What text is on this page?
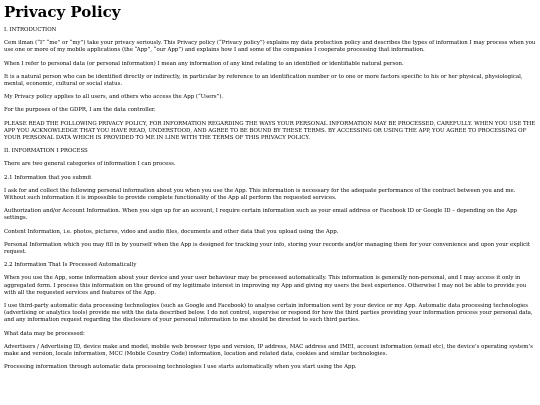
Privacy Policy
I. INTRODUCTION
Cem ilman (“I” “me” or “my”) take your privacy seriously. This Privacy policy (“Privacy policy”) explains my data protection policy and describes the types of information I may process when you use one or more of my mobile applications (the “App”, “our App”) and explains how I and some of the companies I cooperate processing that information.
When I refer to personal data (or personal information) I mean any information of any kind relating to an identified or identifiable natural person.
It is a natural person who can be identified directly or indirectly, in particular by reference to an identification number or to one or more factors specific to his or her physical, physiological, mental, economic, cultural or social status.
My Privacy policy applies to all users, and others who access the App (“Users”).
For the purposes of the GDPR, I am the data controller.
PLEASE READ THE FOLLOWING PRIVACY POLICY, FOR INFORMATION REGARDING THE WAYS YOUR PERSONAL INFORMATION MAY BE PROCESSED, CAREFULLY. WHEN YOU USE THE APP YOU ACKNOWLEDGE THAT YOU HAVE READ, UNDERSTOOD, AND AGREE TO BE BOUND BY THESE TERMS. BY ACCESSING OR USING THE APP, YOU AGREE TO PROCESSING OF YOUR PERSONAL DATA WHICH IS PROVIDED TO ME IN LINE WITH THE TERMS OF THIS PRIVACY POLICY.
II. INFORMATION I PROCESS
There are two general categories of information I can process.
2.1 Information that you submit
I ask for and collect the following personal information about you when you use the App. This information is necessary for the adequate performance of the contract between you and me. Without such information it is impossible to provide complete functionality of the App all perform the requested services.
Authorization and/or Account Information. When you sign up for an account, I require certain information such as your email address or Facebook ID or Google ID – depending on the App settings.
Content Information, i.e. photos, pictures, video and audio files, documents and other data that you upload using the App.
Personal Information which you may fill in by yourself when the App is designed for tracking your info, storing your records and/or managing them for your convenience and upon your explicit request.
2.2 Information That Is Processed Automatically
When you use the App, some information about your device and your user behaviour may be processed automatically. This information is generally non-personal, and I may access it only in aggregated form. I process this information on the ground of my legitimate interest in improving my App and giving my users the best experience. Otherwise I may not be able to provide you with all the requested services and features of the App.
I use third-party automatic data processing technologies (such as Google and Facebook) to analyse certain information sent by your device or my App. Automatic data processing technologies (advertising or analytics tools) provide me with the data described below. I do not control, supervise or respond for how the third parties providing your information process your personal data, and any information request regarding the disclosure of your personal information to me should be directed to such third parties.
What data may be processed:
Advertisers / Advertising ID, device make and model, mobile web browser type and version, IP address, MAC address and IMEI, account information (email etc), the device’s operating system’s make and version, locale information, MCC (Mobile Country Code) information, location and related data, cookies and similar technologies.
Processing information through automatic data processing technologies I use starts automatically when you start using the App.
